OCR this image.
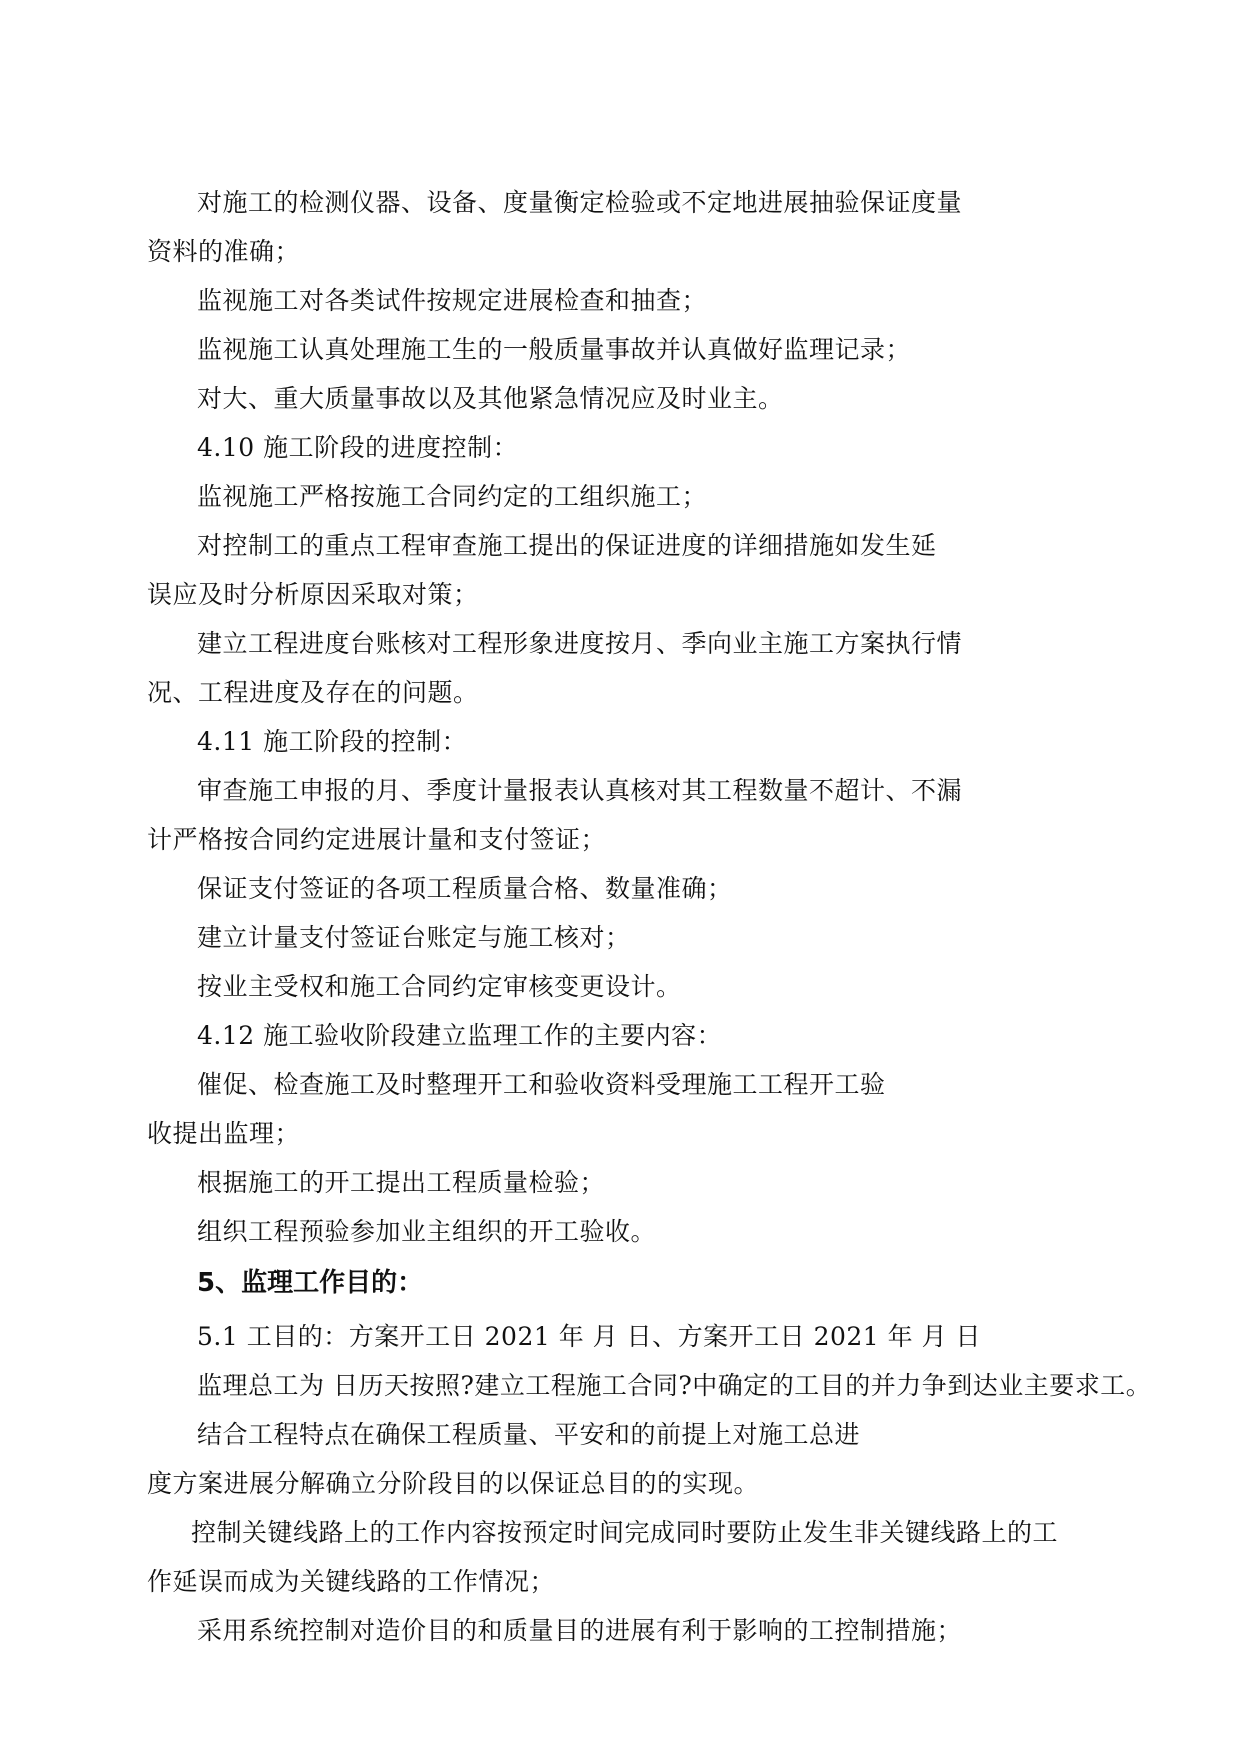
对施工的检测仪器、设备、度量衡定检验或不定地进展抽验保证度量
资料的准确；
监视施工对各类试件按规定进展检查和抽查；
监视施工认真处理施工生的一般质量事故并认真做好监理记录；
对大、重大质量事故以及其他紧急情况应及时业主。
4.10 施工阶段的进度控制：
监视施工严格按施工合同约定的工组织施工；
对控制工的重点工程审查施工提出的保证进度的详细措施如发生延
误应及时分析原因采取对策；
建立工程进度台账核对工程形象进度按月、季向业主施工方案执行情
况、工程进度及存在的问题。
4.11 施工阶段的控制：
审查施工申报的月、季度计量报表认真核对其工程数量不超计、不漏
计严格按合同约定进展计量和支付签证；
保证支付签证的各项工程质量合格、数量准确；
建立计量支付签证台账定与施工核对；
按业主受权和施工合同约定审核变更设计。
4.12 施工验收阶段建立监理工作的主要内容：
催促、检查施工及时整理开工和验收资料受理施工工程开工验
收提出监理；
根据施工的开工提出工程质量检验；
组织工程预验参加业主组织的开工验收。
5、监理工作目的：
5.1 工目的：方案开工日 2021 年 月 日、方案开工日 2021 年 月 日
监理总工为 日历天按照?建立工程施工合同?中确定的工目的并力争到达业主要求工。
结合工程特点在确保工程质量、平安和的前提上对施工总进
度方案进展分解确立分阶段目的以保证总目的的实现。
控制关键线路上的工作内容按预定时间完成同时要防止发生非关键线路上的工
作延误而成为关键线路的工作情况；
采用系统控制对造价目的和质量目的进展有利于影响的工控制措施；
